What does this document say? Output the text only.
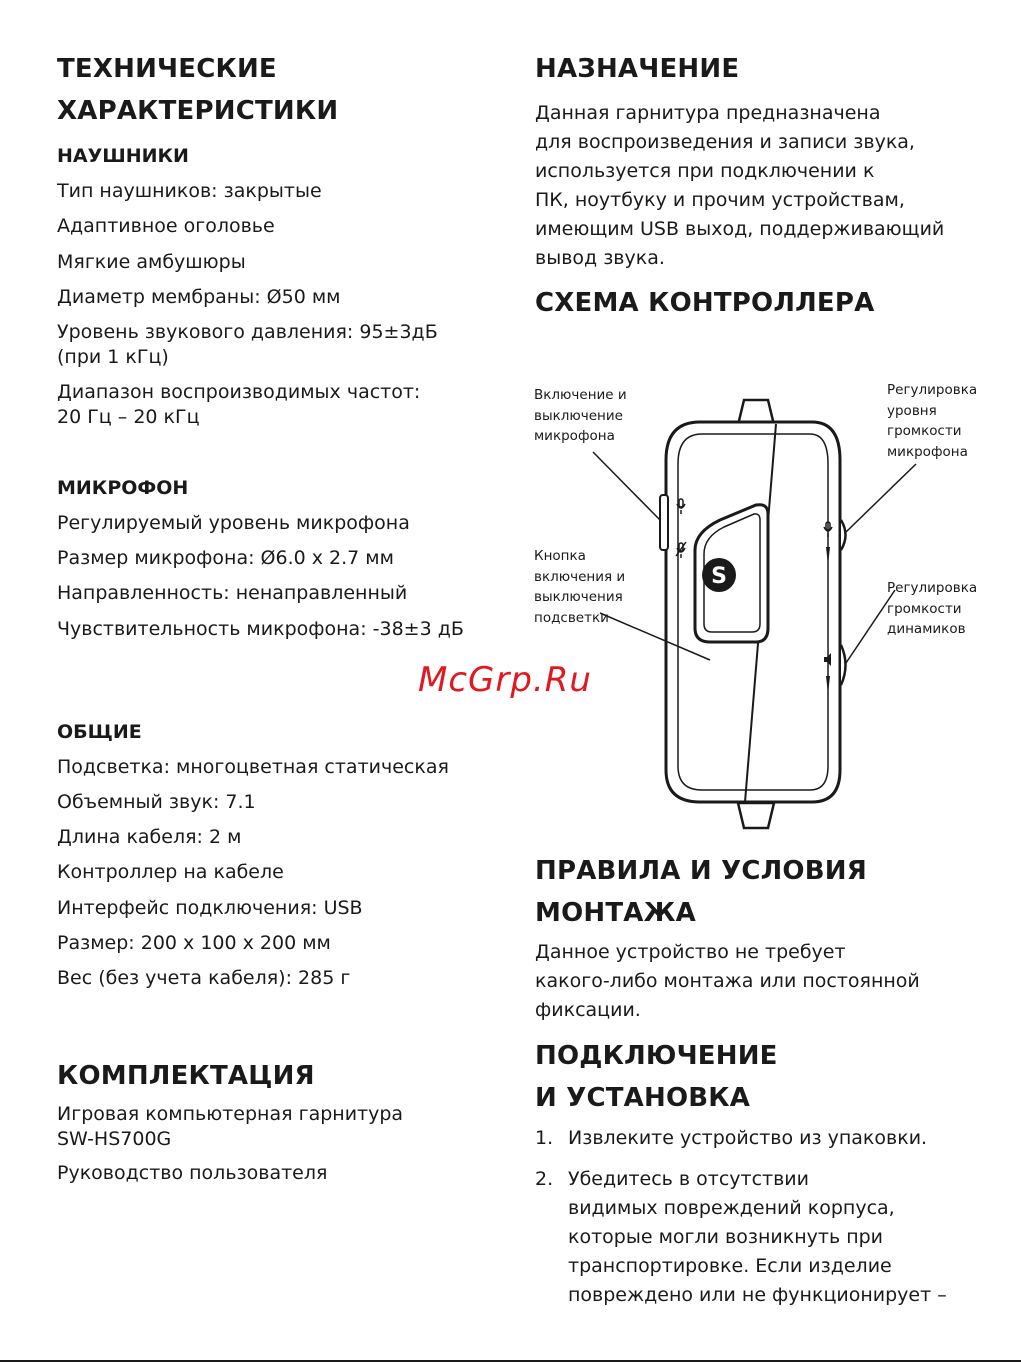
ТЕХНИЧЕСКИЕ
ХАРАКТЕРИСТИКИ
НАУШНИКИ

Тип наушников: закрытые

Адаптивное оголовье

Мягкие амбушюры

Диаметр мембраны: Ø50 мм

Уровень звукового давления: 95±3дБ
(при 1 кГц)

Диапазон воспроизводимых частот:
20 Гц – 20 кГц

МИКРОФОН

Регулируемый уровень микрофона

Размер микрофона: Ø6.0 x 2.7 мм

Направленность: ненаправленный

Чувствительность микрофона: -38±3 дБ

ОБЩИЕ

Подсветка: многоцветная статическая

Объемный звук: 7.1

Длина кабеля: 2 м

Контроллер на кабеле

Интерфейс подключения: USB

Размер: 200 x 100 x 200 мм

Вес (без учета кабеля): 285 г

КОМПЛЕКТАЦИЯ

Игровая компьютерная гарнитура
SW-HS700G

Руководство пользователя

НАЗНАЧЕНИЕ

Данная гарнитура предназначена
для воспроизведения и записи звука,
используется при подключении к
ПК, ноутбуку и прочим устройствам,
имеющим USB выход, поддерживающий
вывод звука.

СХЕМА КОНТРОЛЛЕРА
S

Включение и
выключение
микрофона

Кнопка
включения и
выключения
подсветки

Регулировка
уровня
громкости
микрофона

Регулировка
громкости
динамиков

McGrp.Ru
ПРАВИЛА И УСЛОВИЯ
МОНТАЖА

Данное устройство не требует
какого-либо монтажа или постоянной
фиксации.

ПОДКЛЮЧЕНИЕ
И УСТАНОВКА
1. Извлеките устройство из упаковки.

2. Убедитесь в отсутствии
видимых повреждений корпуса,
которые могли возникнуть при
транспортировке. Если изделие
повреждено или не функционирует –
